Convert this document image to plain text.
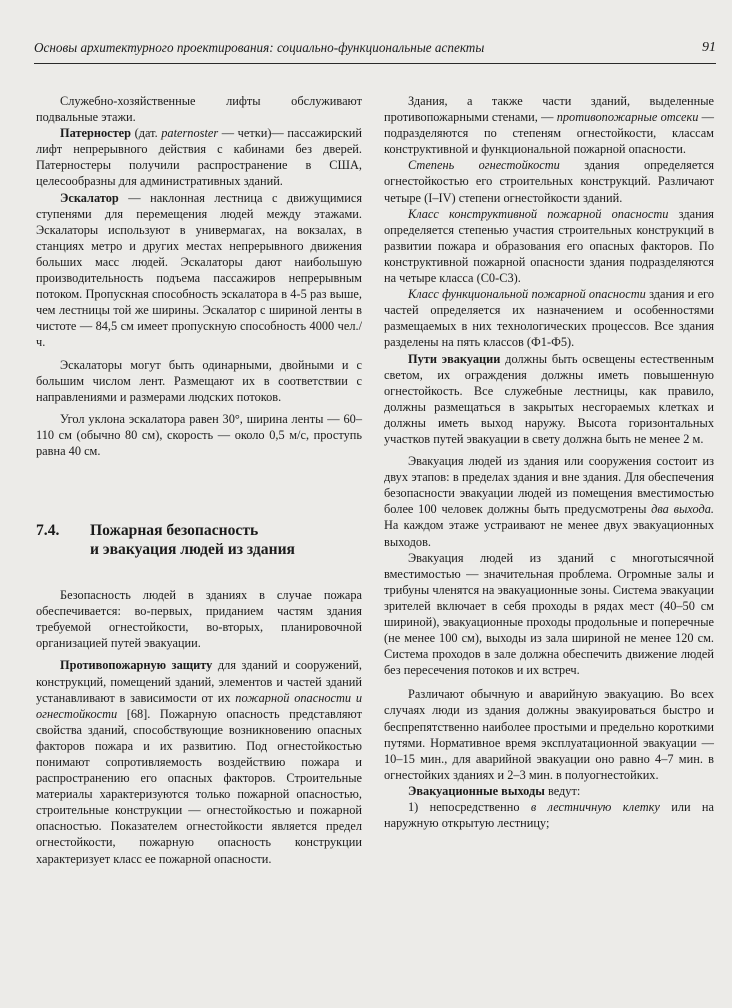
Основы архитектурного проектирования: социально-функциональные аспекты	91

Служебно-хозяйственные лифты обслуживают подвальные этажи.

Патерностер (дат. paternoster — четки)— пассажирский лифт непрерывного действия с кабинами без дверей. Патерностеры получили распространение в США, целесообразны для административных зданий.

Эскалатор — наклонная лестница с движущимися ступенями для перемещения людей между этажами. Эскалаторы используют в универмагах, на вокзалах, в станциях метро и других местах непрерывного движения больших масс людей. Эскалаторы дают наибольшую производительность подъема пассажиров непрерывным потоком. Пропускная способность эскалатора в 4-5 раз выше, чем лестницы той же ширины. Эскалатор с шириной ленты в чистоте — 84,5 см имеет пропускную способность 4000 чел./ч.

Эскалаторы могут быть одинарными, двойными и с большим числом лент. Размещают их в соответствии с направлениями и размерами людских потоков.

Угол уклона эскалатора равен 30°, ширина ленты — 60–110 см (обычно 80 см), скорость — около 0,5 м/с, проступь равна 40 см.

7.4.	Пожарная безопасность
и эвакуация людей из здания

Безопасность людей в зданиях в случае пожара обеспечивается: во-первых, приданием частям здания требуемой огнестойкости, во-вторых, планировочной организацией путей эвакуации.

Противопожарную защиту для зданий и сооружений, конструкций, помещений зданий, элементов и частей зданий устанавливают в зависимости от их пожарной опасности и огнестойкости [68]. Пожарную опасность представляют свойства зданий, способствующие возникновению опасных факторов пожара и их развитию. Под огнестойкостью понимают сопротивляемость воздействию пожара и распространению его опасных факторов. Строительные материалы характеризуются только пожарной опасностью, строительные конструкции — огнестойкостью и пожарной опасностью. Показателем огнестойкости является предел огнестойкости, пожарную опасность конструкции характеризует класс ее пожарной опасности.

Здания, а также части зданий, выделенные противопожарными стенами, — противопожарные отсеки — подразделяются по степеням огнестойкости, классам конструктивной и функциональной пожарной опасности.

Степень огнестойкости здания определяется огнестойкостью его строительных конструкций. Различают четыре (I–IV) степени огнестойкости зданий.

Класс конструктивной пожарной опасности здания определяется степенью участия строительных конструкций в развитии пожара и образования его опасных факторов. По конструктивной пожарной опасности здания подразделяются на четыре класса (С0-С3).

Класс функциональной пожарной опасности здания и его частей определяется их назначением и особенностями размещаемых в них технологических процессов. Все здания разделены на пять классов (Ф1-Ф5).

Пути эвакуации должны быть освещены естественным светом, их ограждения должны иметь повышенную огнестойкость. Все служебные лестницы, как правило, должны размещаться в закрытых несгораемых клетках и должны иметь выход наружу. Высота горизонтальных участков путей эвакуации в свету должна быть не менее 2 м.

Эвакуация людей из здания или сооружения состоит из двух этапов: в пределах здания и вне здания. Для обеспечения безопасности эвакуации людей из помещения вместимостью более 100 человек должны быть предусмотрены два выхода. На каждом этаже устраивают не менее двух эвакуационных выходов.

Эвакуация людей из зданий с многотысячной вместимостью — значительная проблема. Огромные залы и трибуны членятся на эвакуационные зоны. Система эвакуации зрителей включает в себя проходы в рядах мест (40–50 см шириной), эвакуационные проходы продольные и поперечные (не менее 100 см), выходы из зала шириной не менее 120 см. Система проходов в зале должна обеспечить движение людей без пересечения потоков и их встреч.

Различают обычную и аварийную эвакуацию. Во всех случаях люди из здания должны эвакуироваться быстро и беспрепятственно наиболее простыми и предельно короткими путями. Нормативное время эксплуатационной эвакуации — 10–15 мин., для аварийной эвакуации оно равно 4–7 мин. в огнестойких зданиях и 2–3 мин. в полуогнестойких.

Эвакуационные выходы ведут:

1) непосредственно в лестничную клетку или на наружную открытую лестницу;
